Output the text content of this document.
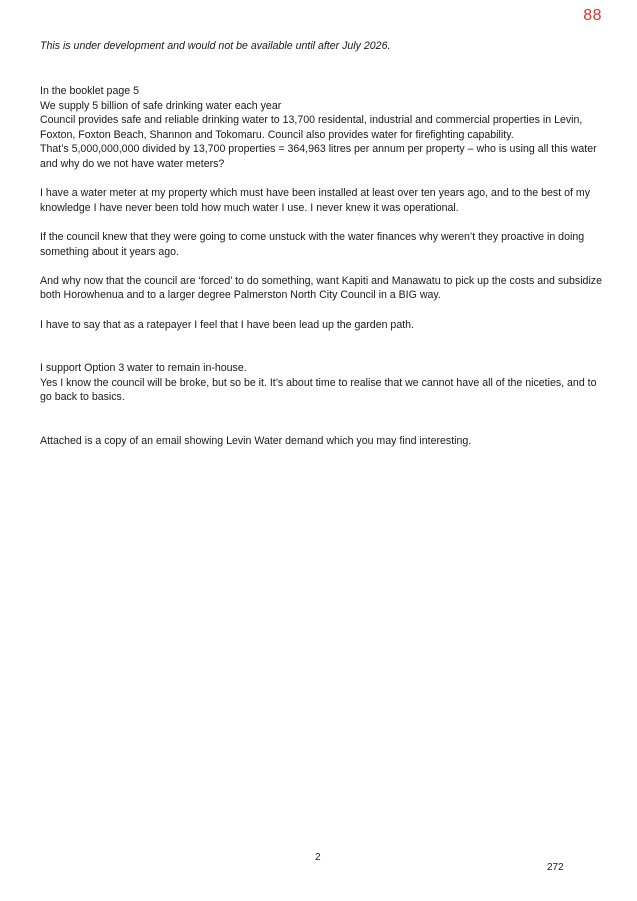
88
This is under development and would not be available until after July 2026.

In the booklet page 5

We supply 5 billion of safe drinking water each year

Council provides safe and reliable drinking water to 13,700 residental, industrial and commercial properties in Levin, Foxton, Foxton Beach, Shannon and Tokomaru. Council also provides water for firefighting capability.

That’s 5,000,000,000 divided by 13,700 properties = 364,963 litres per annum per property – who is using all this water and why do we not have water meters?

I have a water meter at my property which must have been installed at least over ten years ago, and to the best of my knowledge I have never been told how much water I use. I never knew it was operational.

If the council knew that they were going to come unstuck with the water finances why weren’t they proactive in doing something about it years ago.

And why now that the council are ‘forced’ to do something, want Kapiti and Manawatu to pick up the costs and subsidize both Horowhenua and to a larger degree Palmerston North City Council in a BIG way.

I have to say that as a ratepayer I feel that I have been lead up the garden path.

I support Option 3 water to remain in-house.

Yes I know the council will be broke, but so be it. It’s about time to realise that we cannot have all of the niceties, and to go back to basics.

Attached is a copy of an email showing Levin Water demand which you may find interesting.

2
272
